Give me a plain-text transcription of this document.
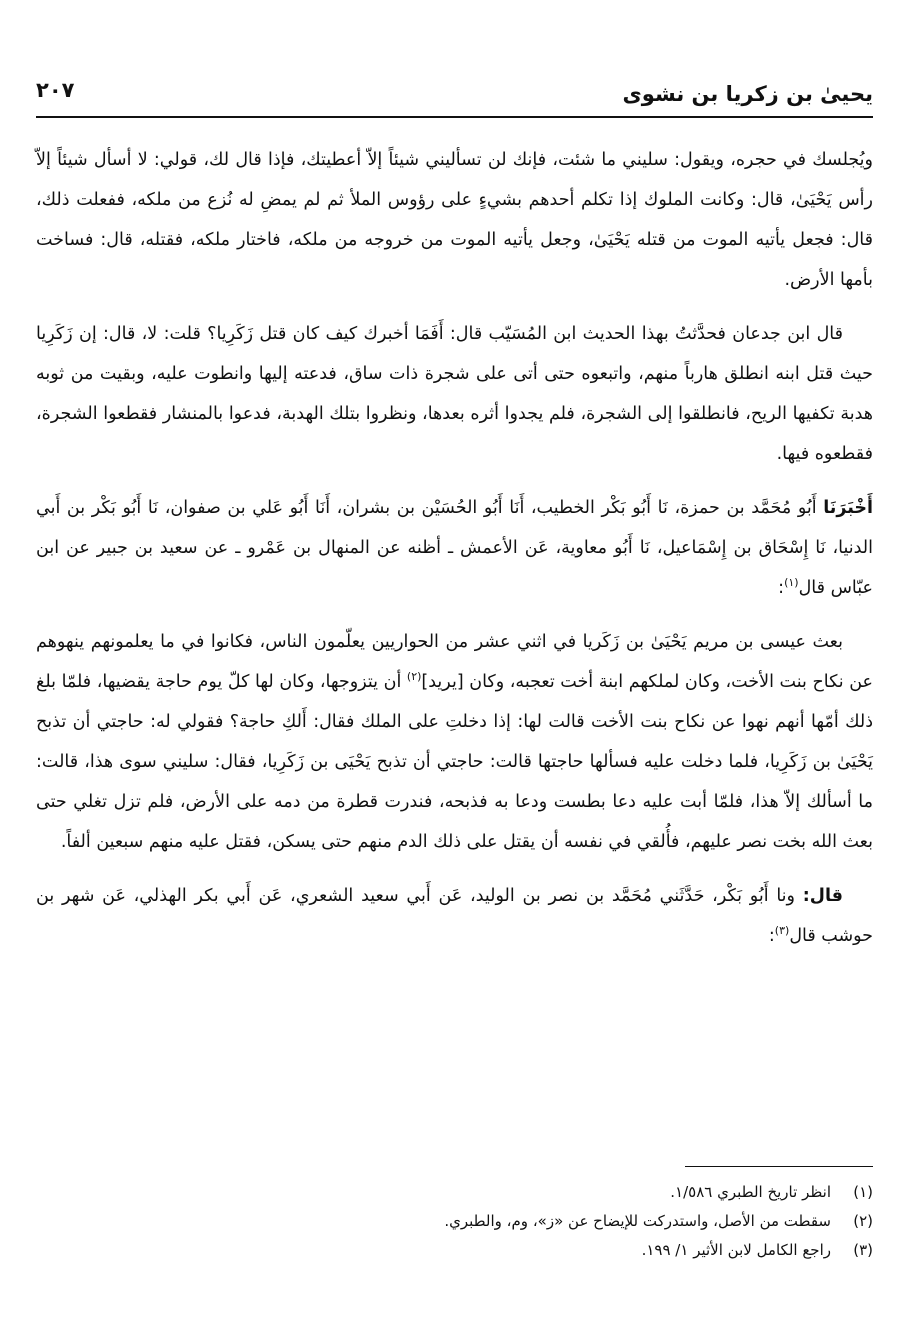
يحيىٰ بن زكريا بن نشوى
٢٠٧

ويُجلسك في حجره، ويقول: سليني ما شئت، فإنك لن تسأليني شيئاً إلاّ أعطيتك، فإذا قال لك، قولي: لا أسأل شيئاً إلاّ رأس يَحْيَىٰ، قال: وكانت الملوك إذا تكلم أحدهم بشيءٍ على رؤوس الملأ ثم لم يمضِ له نُزع من ملكه، ففعلت ذلك، قال: فجعل يأتيه الموت من قتله يَحْيَىٰ، وجعل يأتيه الموت من خروجه من ملكه، فاختار ملكه، فقتله، قال: فساخت بأمها الأرض.

قال ابن جدعان فحدَّثتُ بهذا الحديث ابن المُسَيّب قال: أَفَمَا أخبرك كيف كان قتل زَكَرِيا؟ قلت: لا، قال: إن زَكَرِيا حيث قتل ابنه انطلق هارباً منهم، واتبعوه حتى أتى على شجرة ذات ساق، فدعته إليها وانطوت عليه، وبقيت من ثوبه هدبة تكفيها الريح، فانطلقوا إلى الشجرة، فلم يجدوا أثره بعدها، ونظروا بتلك الهدبة، فدعوا بالمنشار فقطعوا الشجرة، فقطعوه فيها.

أَخْبَرَنَا أَبُو مُحَمَّد بن حمزة، نَا أَبُو بَكْر الخطيب، أَنَا أَبُو الحُسَيْن بن بشران، أَنَا أَبُو عَلي بن صفوان، نَا أَبُو بَكْر بن أَبي الدنيا، نَا إِسْحَاق بن إِسْمَاعيل، نَا أَبُو معاوية، عَن الأعمش ـ أظنه عن المنهال بن عَمْرو ـ عن سعيد بن جبير عن ابن عبّاس قال$^{(١)}$:

بعث عيسى بن مريم يَحْيَىٰ بن زَكَريا في اثني عشر من الحواريين يعلّمون الناس، فكانوا في ما يعلمونهم ينهوهم عن نكاح بنت الأخت، وكان لملكهم ابنة أخت تعجبه، وكان [يريد]$^{(٢)}$ أن يتزوجها، وكان لها كلّ يوم حاجة يقضيها، فلمّا بلغ ذلك أمّها أنهم نهوا عن نكاح بنت الأخت قالت لها: إذا دخلتِ على الملك فقال: أَلكِ حاجة؟ فقولي له: حاجتي أن تذبح يَحْيَىٰ بن زَكَرِيا، فلما دخلت عليه فسألها حاجتها قالت: حاجتي أن تذبح يَحْيَى بن زَكَرِيا، فقال: سليني سوى هذا، قالت: ما أسألك إلاّ هذا، فلمّا أبت عليه دعا بطست ودعا به فذبحه، فندرت قطرة من دمه على الأرض، فلم تزل تغلي حتى بعث الله بخت نصر عليهم، فأُلقي في نفسه أن يقتل على ذلك الدم منهم حتى يسكن، فقتل عليه منهم سبعين ألفاً.

قال: ونا أَبُو بَكْر، حَدَّثَني مُحَمَّد بن نصر بن الوليد، عَن أَبي سعيد الشعري، عَن أَبي بكر الهذلي، عَن شهر بن حوشب قال$^{(٣)}$:

(١)انظر تاريخ الطبري ١/٥٨٦.

(٢)سقطت من الأصل، واستدركت للإيضاح عن «ز»، وم، والطبري.

(٣)راجع الكامل لابن الأثير ١/ ١٩٩.
